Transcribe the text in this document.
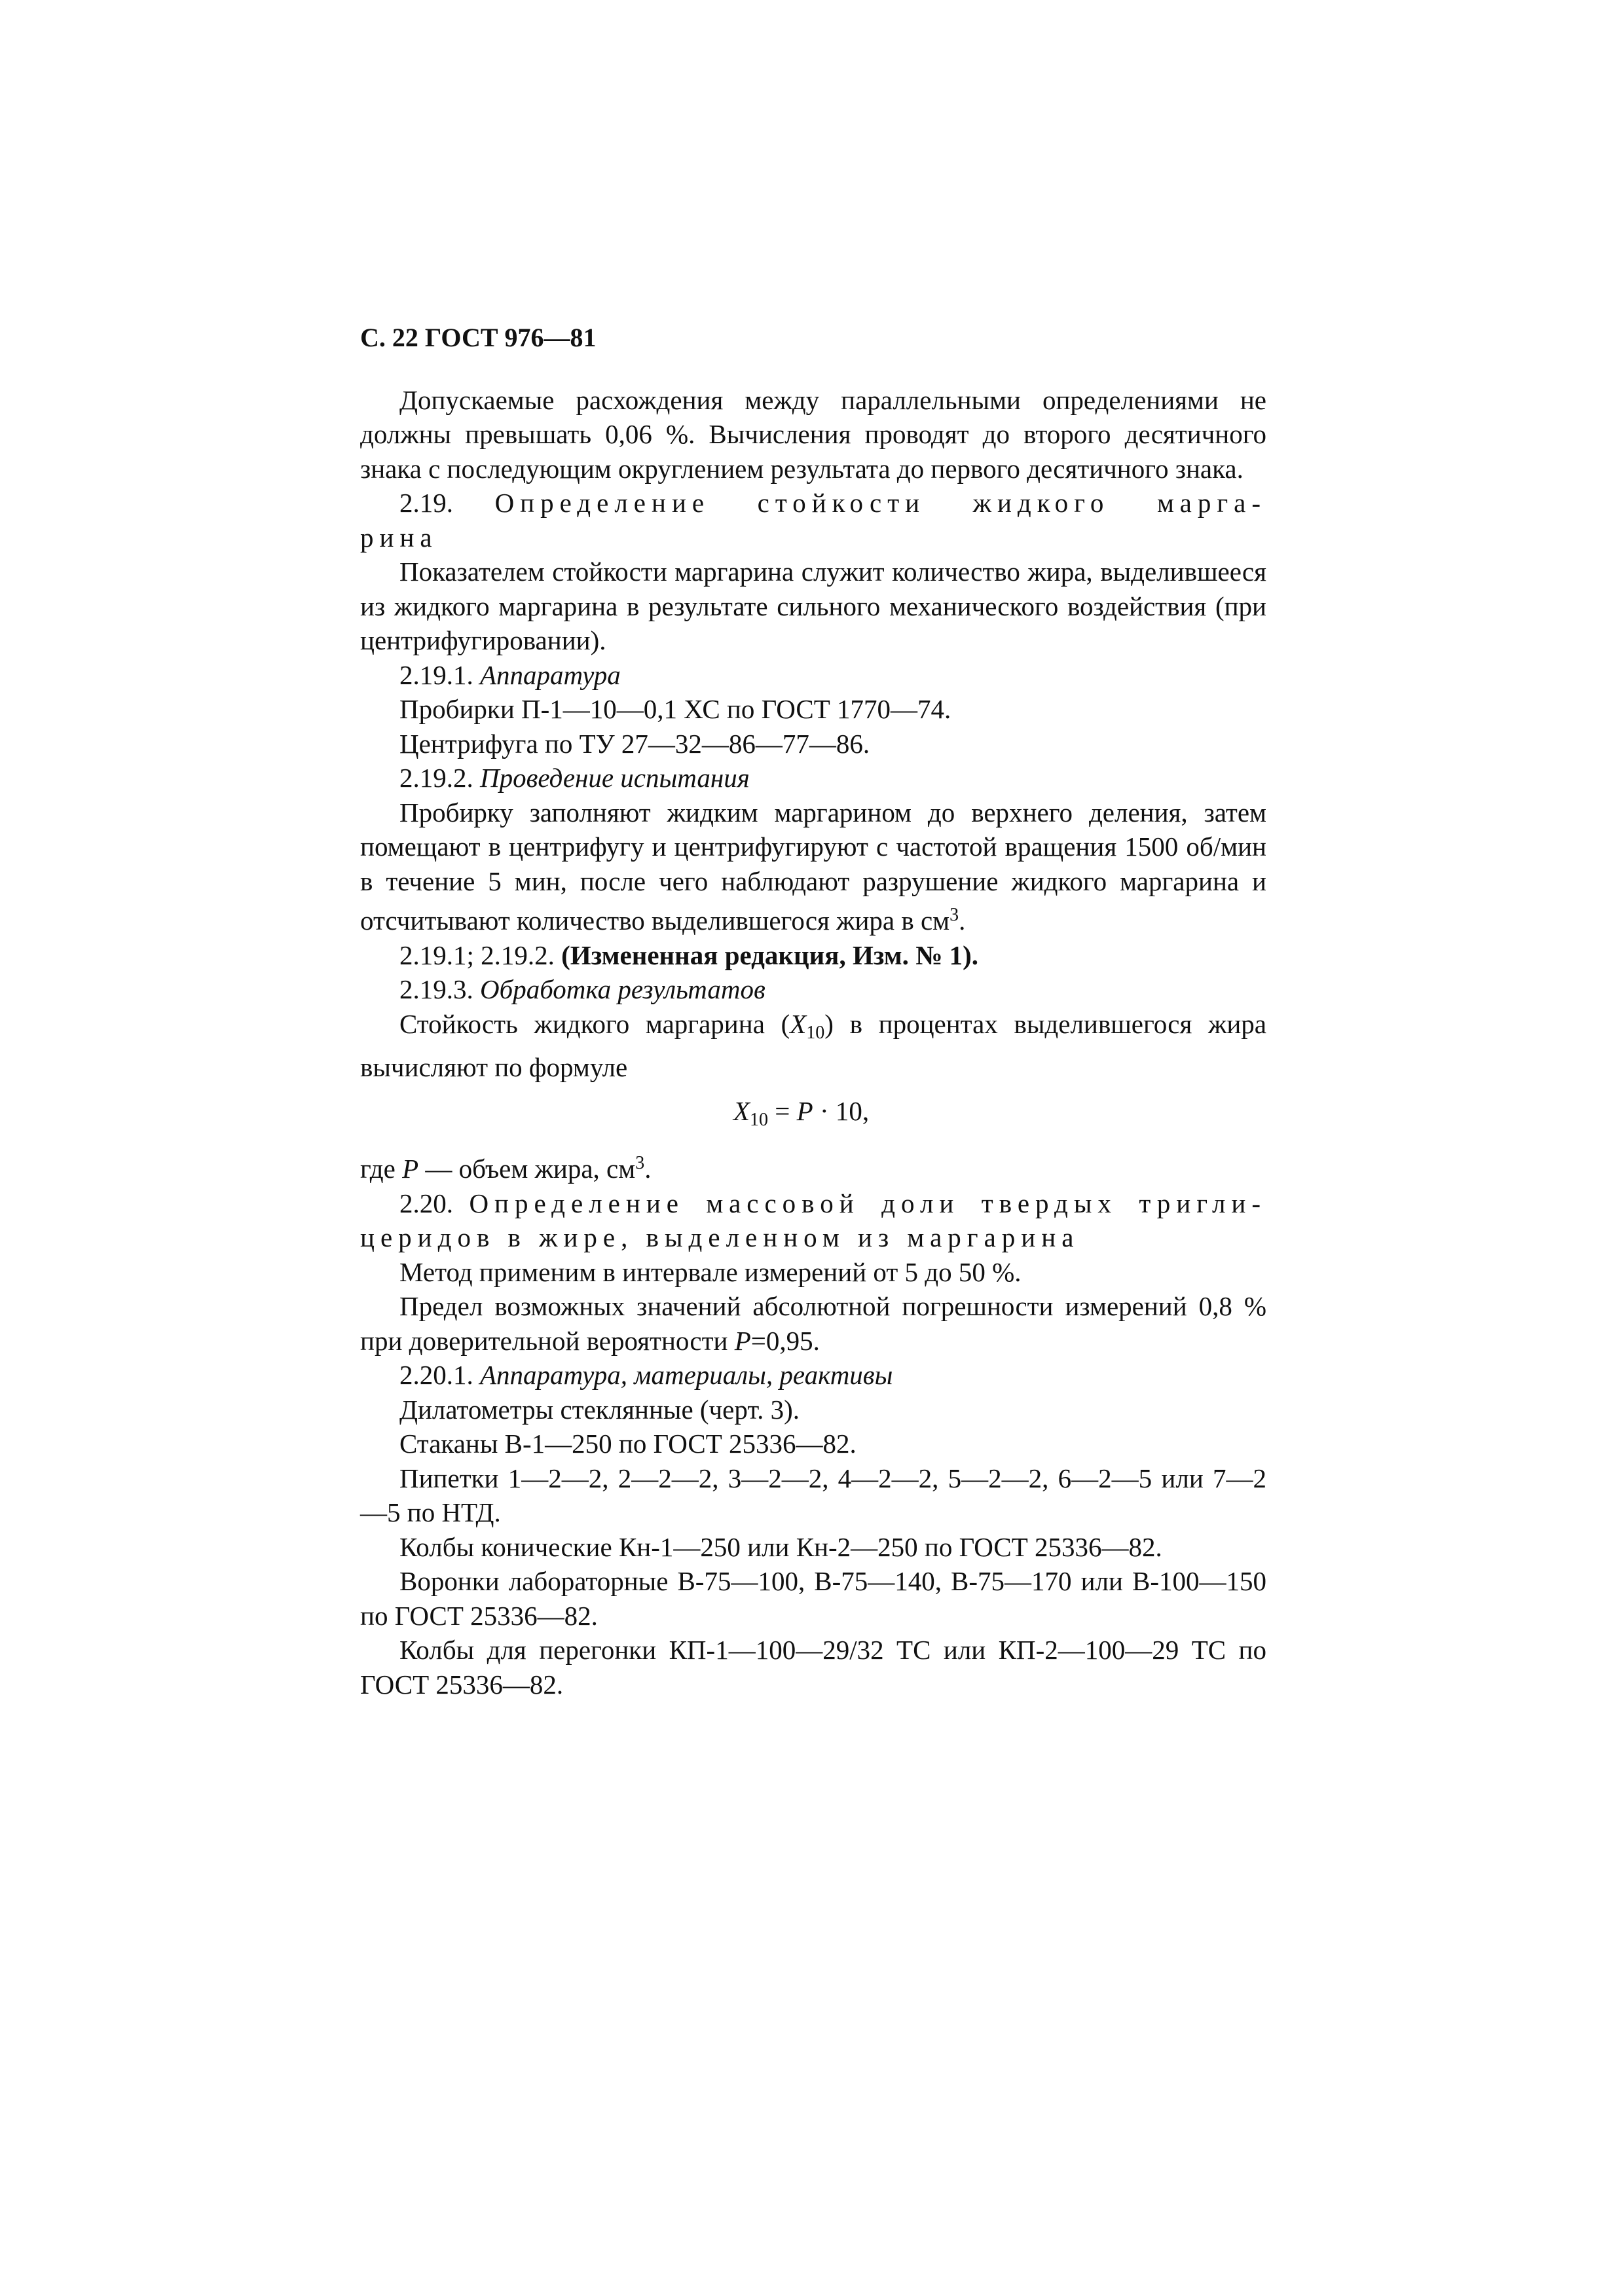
С. 22 ГОСТ 976—81

Допускаемые расхождения между параллельными определениями не должны превышать 0,06 %. Вычисления проводят до второго десятичного знака с последующим округлением результата до первого десятичного знака.

2.19. Определение стойкости жидкого марга-

рина

Показателем стойкости маргарина служит количество жира, выделившееся из жидкого маргарина в результате сильного механического воздействия (при центрифугировании).

2.19.1. Аппаратура

Пробирки П-1—10—0,1 ХС по ГОСТ 1770—74.

Центрифуга по ТУ 27—32—86—77—86.

2.19.2. Проведение испытания

Пробирку заполняют жидким маргарином до верхнего деления, затем помещают в центрифугу и центрифугируют с частотой вращения 1500 об/мин в течение 5 мин, после чего наблюдают разрушение жидкого маргарина и отсчитывают количество выделившегося жира в $см^3$.

2.19.1; 2.19.2. (Измененная редакция, Изм. № 1).

2.19.3. Обработка результатов

Стойкость жидкого маргарина $(X_{10})$ в процентах выделившегося жира вычисляют по формуле

$X_{10} = P \cdot 10$,

где P — объем жира, $см^3$.

2.20. Определение массовой доли твердых тригли-

церидов в жире, выделенном из маргарина

Метод применим в интервале измерений от 5 до 50 %.

Предел возможных значений абсолютной погрешности измерений 0,8 % при доверительной вероятности P=0,95.

2.20.1. Аппаратура, материалы, реактивы

Дилатометры стеклянные (черт. 3).

Стаканы В-1—250 по ГОСТ 25336—82.

Пипетки 1—2—2, 2—2—2, 3—2—2, 4—2—2, 5—2—2, 6—2—5 или 7—2—5 по НТД.

Колбы конические Кн-1—250 или Кн-2—250 по ГОСТ 25336—82.

Воронки лабораторные В-75—100, В-75—140, В-75—170 или В-100—150 по ГОСТ 25336—82.

Колбы для перегонки КП-1—100—29/32 ТС или КП-2—100—29 ТС по ГОСТ 25336—82.
